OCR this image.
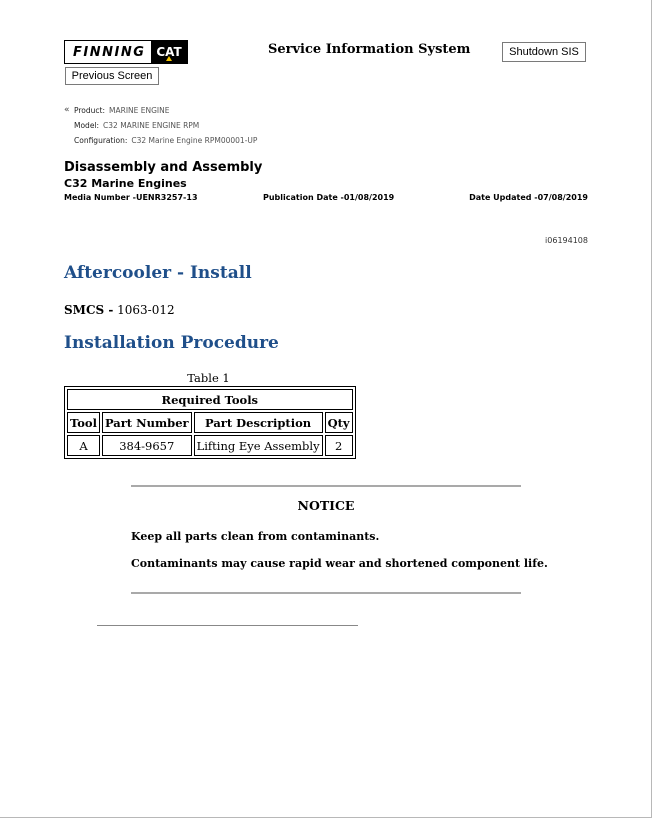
FINNING CAT	Service Information System	Shutdown SIS
Previous Screen
« Product: MARINE ENGINE
Model: C32 MARINE ENGINE RPM
Configuration: C32 Marine Engine RPM00001-UP
Disassembly and Assembly
C32 Marine Engines
Media Number -UENR3257-13	Publication Date -01/08/2019	Date Updated -07/08/2019
i06194108
Aftercooler - Install
SMCS - 1063-012
Installation Procedure
Table 1
Required Tools			
Tool	Part Number	Part Description	Qty
A	384-9657	Lifting Eye Assembly	2
NOTICE
Keep all parts clean from contaminants.
Contaminants may cause rapid wear and shortened component life.
